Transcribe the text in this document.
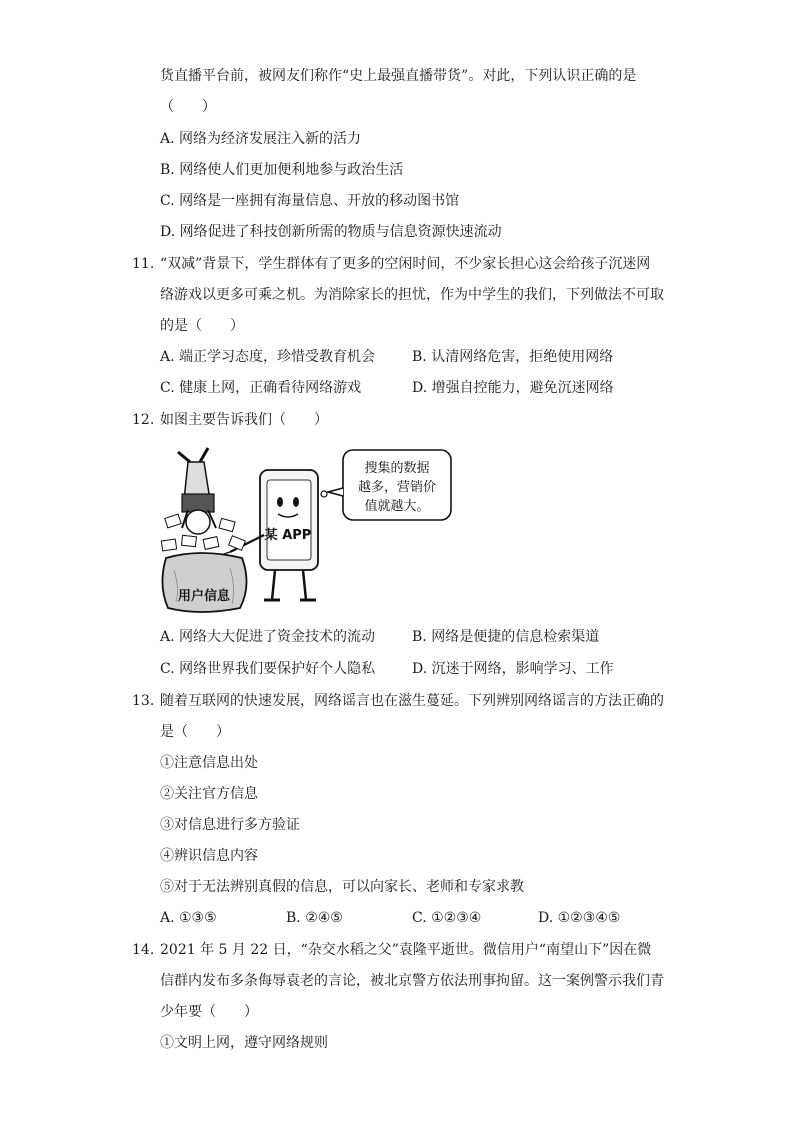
货直播平台前，被网友们称作“史上最强直播带货”。对此，下列认识正确的是
（　　）
A. 网络为经济发展注入新的活力
B. 网络使人们更加便利地参与政治生活
C. 网络是一座拥有海量信息、开放的移动图书馆
D. 网络促进了科技创新所需的物质与信息资源快速流动
11. “双减”背景下，学生群体有了更多的空闲时间，不少家长担心这会给孩子沉迷网
络游戏以更多可乘之机。为消除家长的担忧，作为中学生的我们，下列做法不可取
的是（　　）
A. 端正学习态度，珍惜受教育机会	B. 认清网络危害，拒绝使用网络
C. 健康上网，正确看待网络游戏	D. 增强自控能力，避免沉迷网络
12. 如图主要告诉我们（　　）
搜集的数据
越多，营销价
值就越大。
某 APP
用户信息
A. 网络大大促进了资金技术的流动	B. 网络是便捷的信息检索渠道
C. 网络世界我们要保护好个人隐私	D. 沉迷于网络，影响学习、工作
13. 随着互联网的快速发展，网络谣言也在滋生蔓延。下列辨别网络谣言的方法正确的
是（　　）
①注意信息出处
②关注官方信息
③对信息进行多方验证
④辨识信息内容
⑤对于无法辨别真假的信息，可以向家长、老师和专家求教
A. ①③⑤	B. ②④⑤	C. ①②③④	D. ①②③④⑤
14. 2021 年 5 月 22 日，“杂交水稻之父”袁隆平逝世。微信用户“南望山下”因在微
信群内发布多条侮辱袁老的言论，被北京警方依法刑事拘留。这一案例警示我们青
少年要（　　）
①文明上网，遵守网络规则
